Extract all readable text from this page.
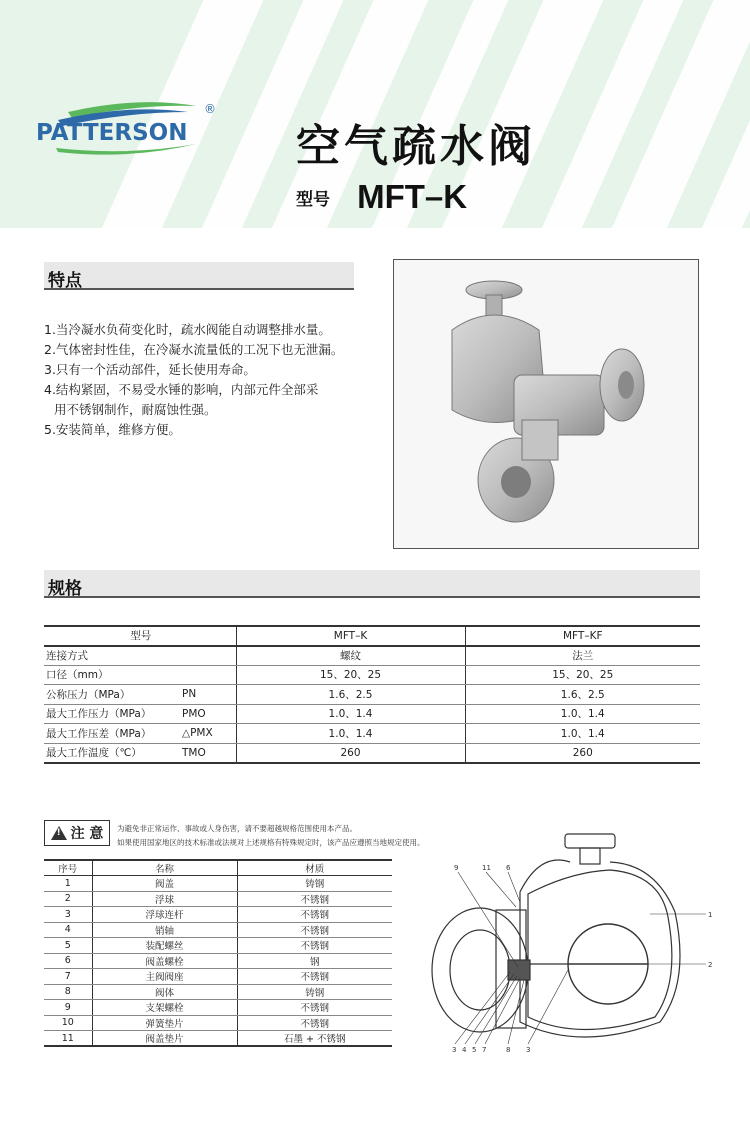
PATTERSON
®
空气疏水阀
型号 MFT–K
特点
1.当冷凝水负荷变化时，疏水阀能自动调整排水量。
2.气体密封性佳，在冷凝水流量低的工况下也无泄漏。
3.只有一个活动部件，延长使用寿命。
4.结构紧固，不易受水锤的影响，内部元件全部采
用不锈钢制作，耐腐蚀性强。
5.安装简单，维修方便。
规格
型号	MFT–K	MFT–KF
连接方式	螺纹	法兰
口径（mm）	15、20、25	15、20、25
公称压力（MPa） PN	1.6、2.5	1.6、2.5
最大工作压力（MPa） PMO	1.0、1.4	1.0、1.4
最大工作压差（MPa） △PMX	1.0、1.4	1.0、1.4
最大工作温度（℃） TMO	260	260
! 注 意 为避免非正常运作、事故或人身伤害，请不要超越规格范围使用本产品。
如果使用国家地区的技术标准或法规对上述规格有特殊规定时，该产品应遵照当地规定使用。
序号	名称	材质
1	阀盖	铸钢
2	浮球	不锈钢
3	浮球连杆	不锈钢
4	销轴	不锈钢
5	装配螺丝	不锈钢
6	阀盖螺栓	钢
7	主阀阀座	不锈钢
8	阀体	铸钢
9	支架螺栓	不锈钢
10	弹簧垫片	不锈钢
11	阀盖垫片	石墨 + 不锈钢
9	11 6
1
2
3 4 5 7	8 3
